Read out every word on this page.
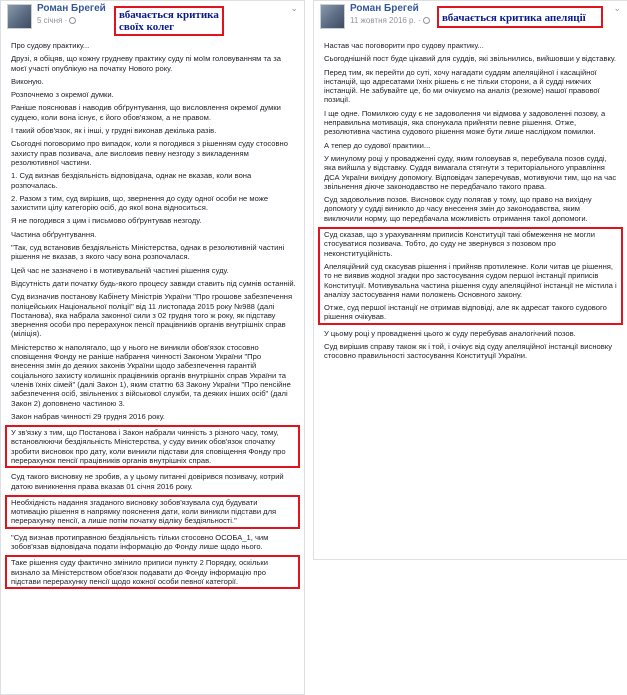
Роман Брегей
5 січня ·
⌄
вбачається критика своїх колег

Про судову практику...

Друзі, я обіцяв, що кожну грудневу практику суду пі моїм головуванням та за моєї участі опублікую на початку Нового року.

Виконую.

Розпочнемо з окремої думки.

Раніше пояснював і наводив обґрунтування, що висловлення окремої думки судцею, коли вона існує, є його обов'язком, а не правом.

І такий обов'язок, як і інші, у грудні виконав декілька разів.

Сьогодні поговоримо про випадок, коли я погодився з рішенням суду стосовно захисту прав позивача, але висловив певну незгоду з викладенням резолютивної частини.

1. Суд визнав бездіяльність відповідача, однак не вказав, коли вона розпочалась.

2. Разом з тим, суд вирішив, що, звернення до суду одної особи не може захистити цілу категорію осіб, до якої вона відноситься.

Я не погодився з цим і письмово обґрунтував незгоду.

Частина обґрунтування.

"Так, суд встановив бездіяльність Міністерства, однак в резолютивній частині рішення не вказав, з якого часу вона розпочалася.

Цей час не зазначено і в мотивувальній частині рішення суду.

Відсутність дати початку будь-якого процесу завжди ставить під сумнів останній.

Суд визначив постанову Кабінету Міністрів України "Про грошове забезпечення поліцейських Національної поліції" від 11 листопада 2015 року №988 (далі Постанова), яка набрала законної сили з 02 грудня того ж року, як підставу звернення особи про перерахунок пенсії працівників органів внутрішніх справ (міліція).

Міністерство ж наполягало, що у нього не виникли обов'язок стосовно сповіщення Фонду не раніше набрання чинності Законом України "Про внесення змін до деяких законів України щодо забезпечення гарантій соціального захисту колишніх працівників органів внутрішніх справ України та членів їхніх сімей" (далі Закон 1), яким статтю 63 Закону України "Про пенсійне забезпечення осіб, звільнених з військової служби, та деяких інших осіб" (далі Закон 2) доповнено частиною 3.

Закон набрав чинності 29 грудня 2016 року.

У зв'язку з тим, що Постанова і Закон набрали чинність з різного часу, тому, встановлюючи бездіяльність Міністерства, у суду виник обов'язок спочатку зробити висновок про дату, коли виникли підстави для сповіщення Фонду про перерахунок пенсії працівників органів внутрішніх справ.

Суд такого висновку не зробив, а у цьому питанні довірився позивачу, котрий датою виникнення права вказав 01 січня 2016 року.

Необхідність надання згаданого висновку зобов'язувала суд будувати мотивацію рішення в напрямку пояснення дати, коли виникли підстави для перерахунку пенсії, а лише потім початку відліку бездіяльності."

"Суд визнав протиправною бездіяльність тільки стосовно ОСОБА_1, чим зобов'язав відповідача подати інформацію до Фонду лише щодо нього.

Таке рішення суду фактично змінило приписи пункту 2 Порядку, оскільки визнало за Міністерством обов'язок подавати до Фонду інформацію про підстави перерахунку пенсії щодо кожної особи певної категорії.

Роман Брегей
11 жовтня 2016 р. ·
⌄
вбачається критика апеляції

Настав час поговорити про судову практику...

Сьогоднішній пост буде цікавий для суддів, які звільнились, вийшовши у відставку.

Перед тим, як перейти до суті, хочу нагадати суддям апеляційної і касаційної інстанцій, що адресатами їхніх рішень є не тільки сторони, а й судді нижчих інстанцій. Не забувайте це, бо ми очікуємо на аналіз (резюме) нашої правової позиції.

І ще одне. Помилкою суду є не задоволення чи відмова у задоволенні позову, а неправильна мотивація, яка спонукала прийняти певне рішення. Отже, резолютивна частина судового рішення може бути лише наслідком помилки.

А тепер до судової практики...

У минулому році у провадженні суду, яким головував я, перебувала позов судді, яка вийшла у відставку. Суддя вимагала стягнути з територіального управління ДСА України вихідну допомогу. Відповідач заперечував, мотивуючи тим, що на час звільнення діюче законодавство не передбачало такого права.

Суд задовольнив позов. Висновок суду полягав у тому, що право на вихідну допомогу у судді виникло до часу внесення змін до законодавства, яким виключили норму, що передбачала можливість отримання такої допомоги.

Суд сказав, що з урахуванням приписів Конституції такі обмеження не могли стосуватися позивача. Тобто, до суду не звернувся з позовом про неконституційність.

Апеляційний суд скасував рішення і прийняв протилежне. Коли читав це рішення, то не виявив жодної згадки про застосування судом першої інстанції приписів Конституції. Мотивувальна частина рішення суду апеляційної інстанції не містила і аналізу застосування нами положень Основного закону.

Отже, суд першої інстанції не отримав відповіді, але як адресат такого судового рішення очікував.

У цьому році у провадженні цього ж суду перебував аналогічний позов.

Суд вирішив справу також як і той, і очікує від суду апеляційної інстанції висновку стосовно правильності застосування Конституції України.
